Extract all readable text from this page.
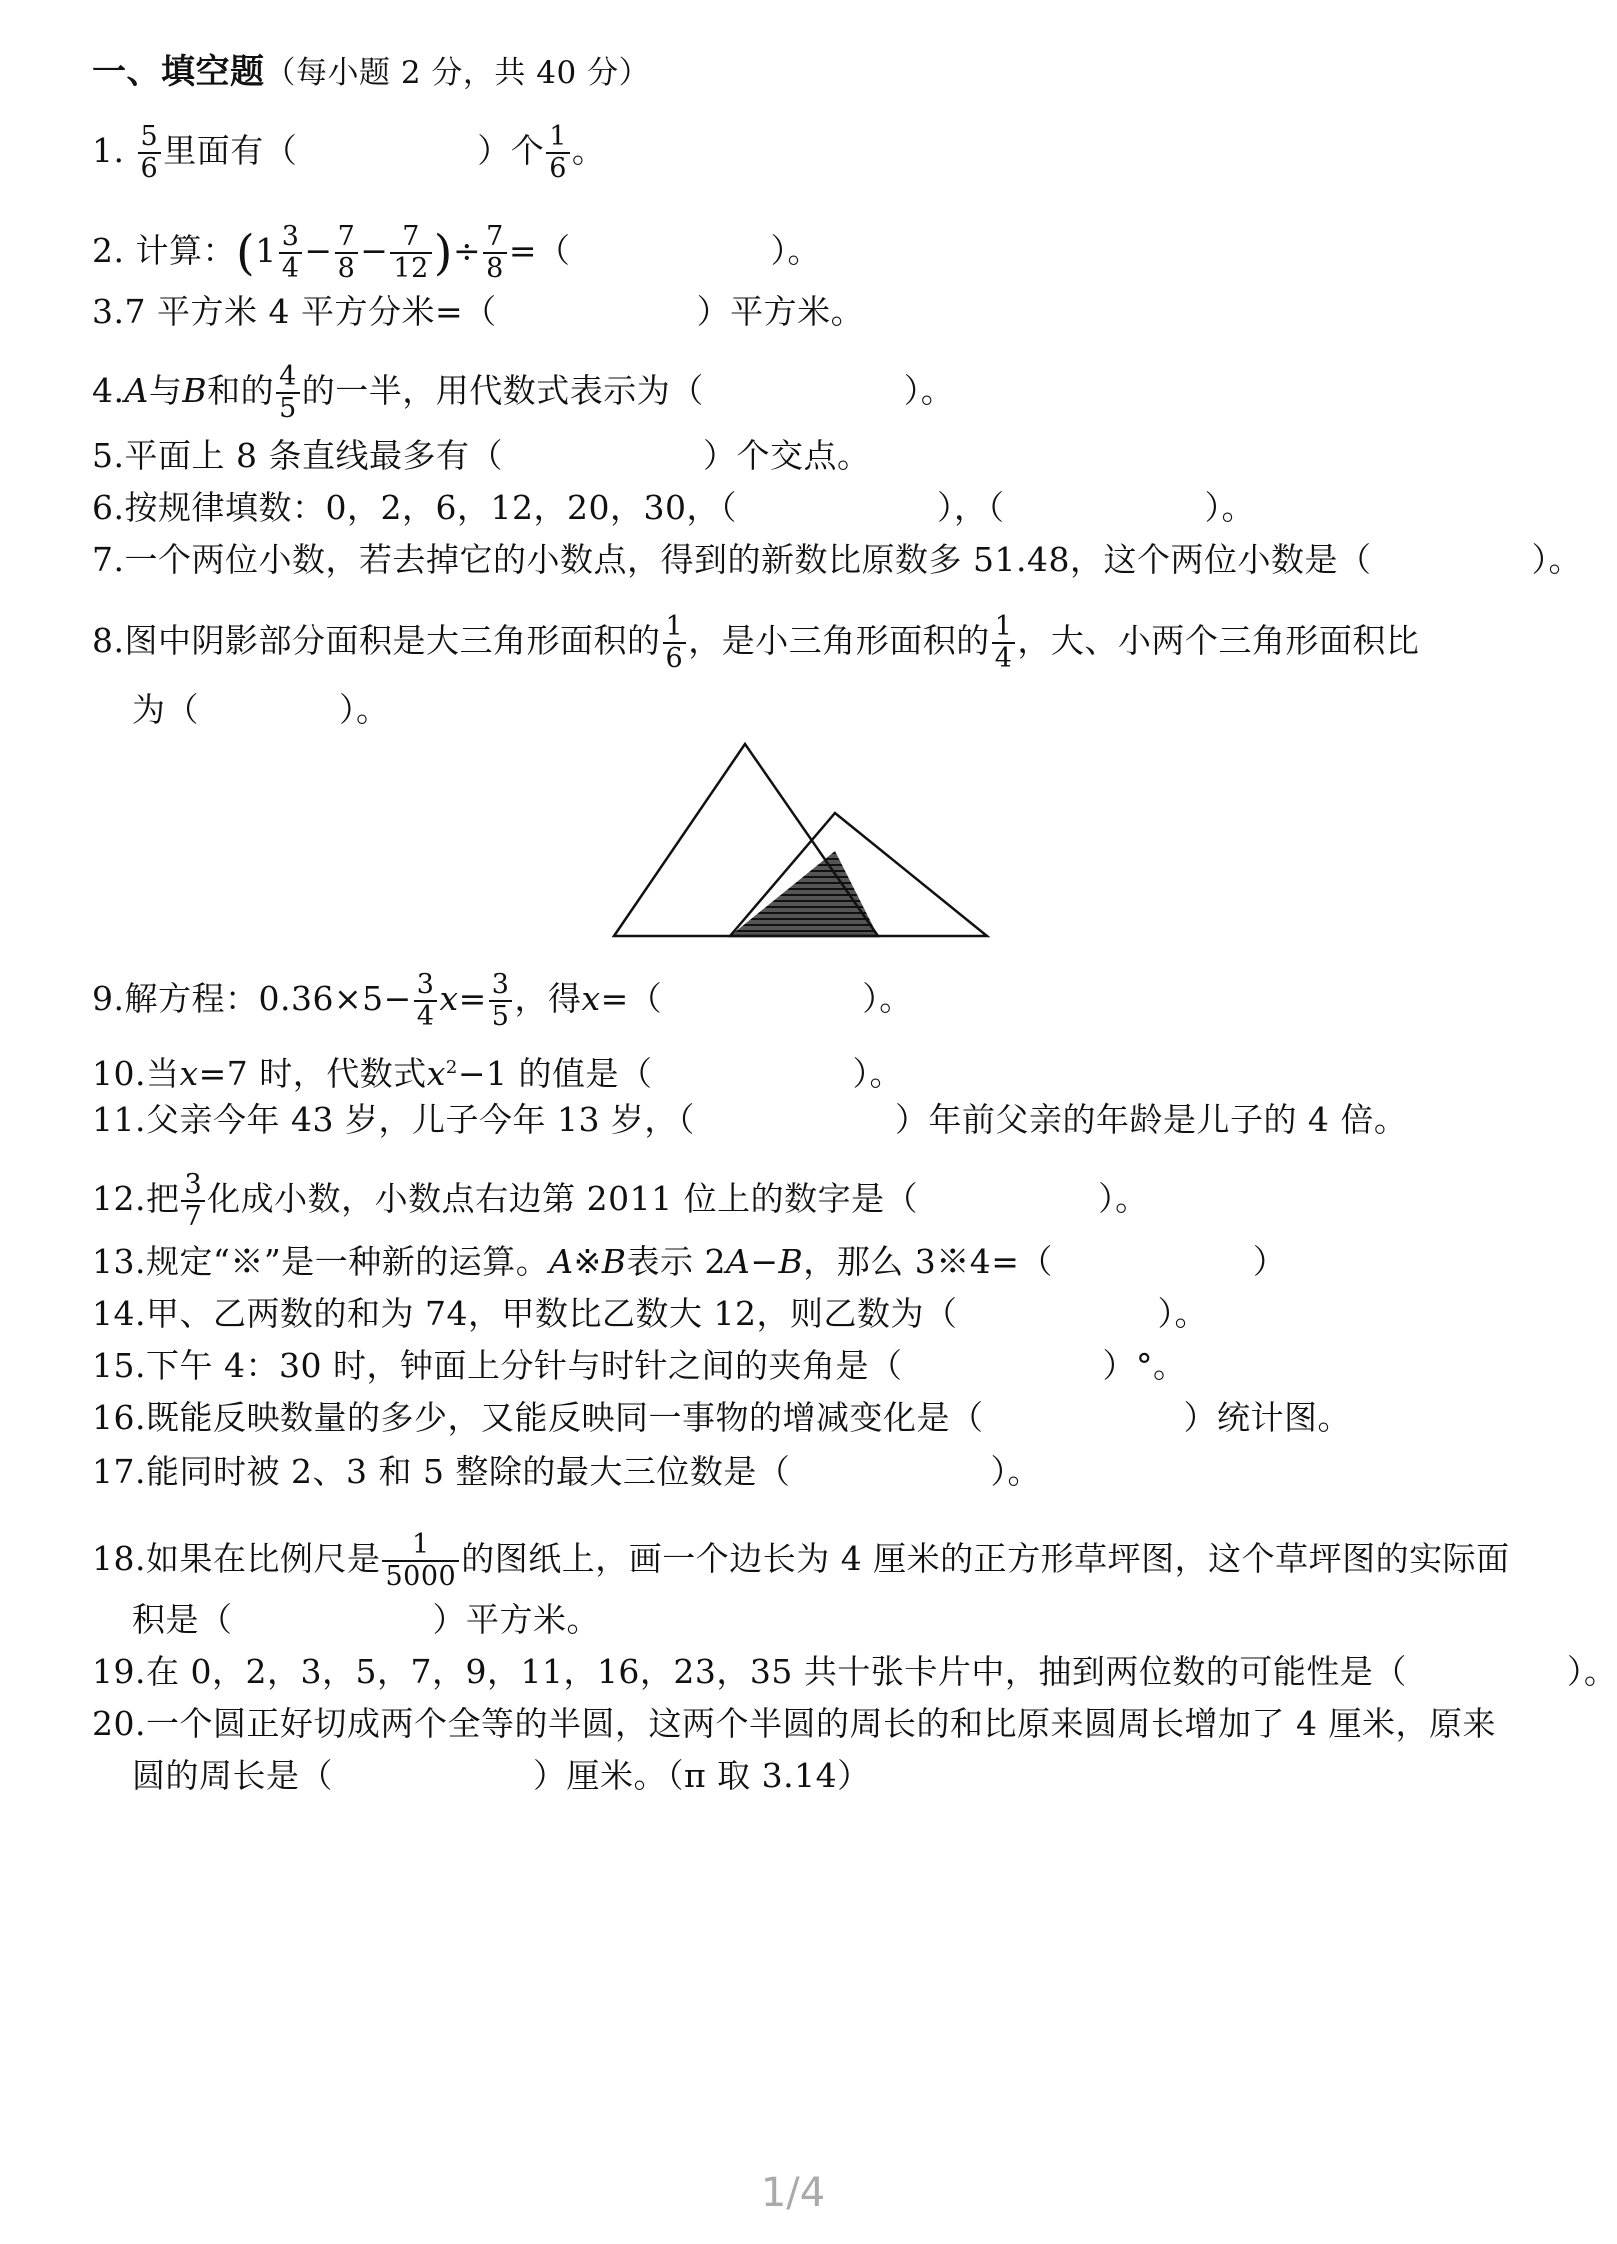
一、填空题（每小题 2 分，共 40 分）
1. $\frac{5}{6}$ 里面有（	）个 $\frac{1}{6}$ 。
2. 计算：($1 \frac{3}{4} - \frac{7}{8} - \frac{7}{12}$ )÷ $\frac{7}{8}$ =（	）。
3.7 平方米 4 平方分米=（	）平方米。
4.A与B和的 $\frac{4}{5}$ 的一半，用代数式表示为（	）。
5.平面上 8 条直线最多有（	）个交点。
6.按规律填数：0，2，6，12，20，30，（	），（	）。
7.一个两位小数，若去掉它的小数点，得到的新数比原数多 51.48，这个两位小数是（	）。
8.图中阴影部分面积是大三角形面积的 $\frac{1}{6}$ ，是小三角形面积的 $\frac{1}{4}$ ，大、小两个三角形面积比
为（	）。
9.解方程：$0.36\times 5- \frac{3}{4} x= \frac{3}{5}$ ，得x=（	）。
10.当x=7 时，代数式$x^2-1$ 的值是（	）。
11.父亲今年 43 岁，儿子今年 13 岁，（	）年前父亲的年龄是儿子的 4 倍。
12.把 $\frac{3}{7}$ 化成小数，小数点右边第 2011 位上的数字是（	）。
13.规定“※”是一种新的运算。A※B表示 2A−B，那么 3※4=（	）
14.甲、乙两数的和为 74，甲数比乙数大 12，则乙数为（	）。
15.下午 4：30 时，钟面上分针与时针之间的夹角是（	）°。
16.既能反映数量的多少，又能反映同一事物的增减变化是（	）统计图。
17.能同时被 2、3 和 5 整除的最大三位数是（	）。
18.如果在比例尺是 $\frac{1}{5000}$ 的图纸上，画一个边长为 4 厘米的正方形草坪图，这个草坪图的实际面
积是（	）平方米。
19.在 0，2，3，5，7，9，11，16，23，35 共十张卡片中，抽到两位数的可能性是（	）。
20.一个圆正好切成两个全等的半圆，这两个半圆的周长的和比原来圆周长增加了 4 厘米，原来
圆的周长是（	）厘米。（π 取 3.14）
1/4
